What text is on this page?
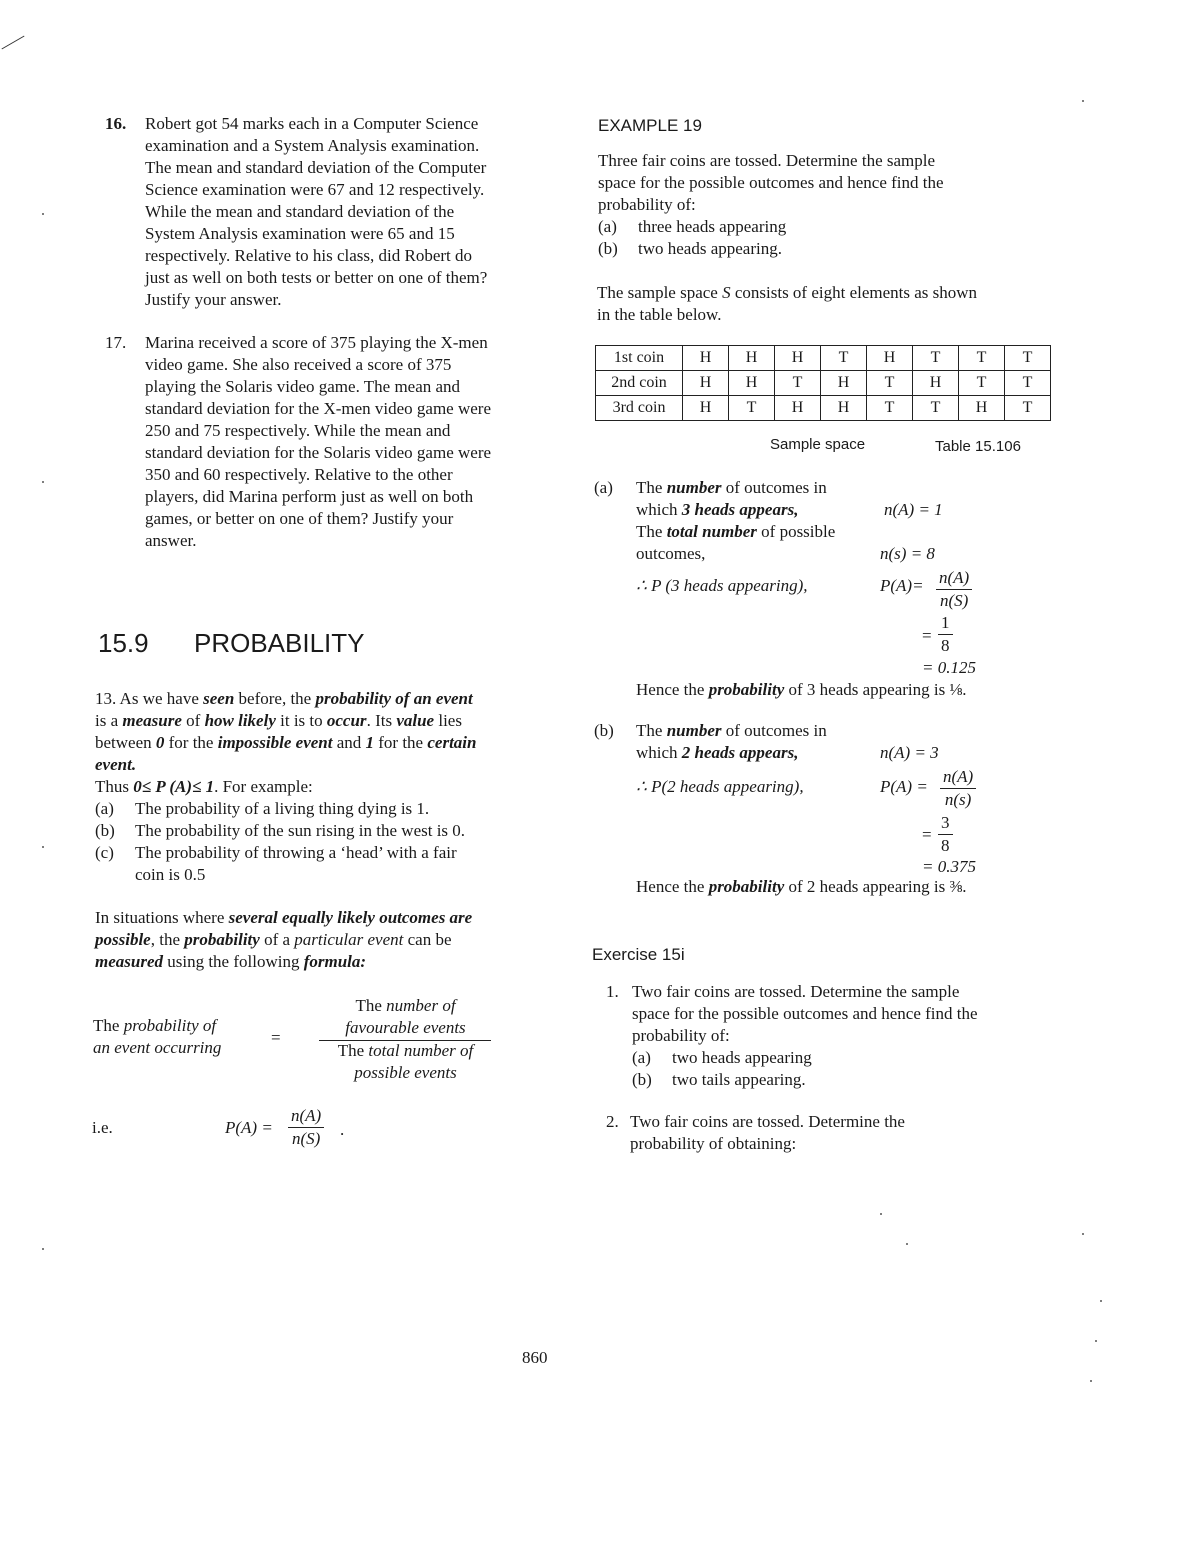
16. Robert got 54 marks each in a Computer Science
examination and a System Analysis examination.
The mean and standard deviation of the Computer
Science examination were 67 and 12 respectively.
While the mean and standard deviation of the
System Analysis examination were 65 and 15
respectively. Relative to his class, did Robert do
just as well on both tests or better on one of them?
Justify your answer.
17. Marina received a score of 375 playing the X-men
video game. She also received a score of 375
playing the Solaris video game. The mean and
standard deviation for the X-men video game were
250 and 75 respectively. While the mean and
standard deviation for the Solaris video game were
350 and 60 respectively. Relative to the other
players, did Marina perform just as well on both
games, or better on one of them? Justify your
answer.
15.9 PROBABILITY
13. As we have seen before, the probability of an event
is a measure of how likely it is to occur. Its value lies
between 0 for the impossible event and 1 for the certain
event.
Thus 0≤ P (A)≤ 1. For example:
(a) The probability of a living thing dying is 1.
(b) The probability of the sun rising in the west is 0.
(c) The probability of throwing a ‘head’ with a fair
coin is 0.5
In situations where several equally likely outcomes are
possible, the probability of a particular event can be
measured using the following formula:
The probability of
an event occurring
=
The number of
favourable events
The total number of
possible events
i.e.	$P(A) = \frac{n(A)}{n(S)}$ .
EXAMPLE 19
Three fair coins are tossed. Determine the sample
space for the possible outcomes and hence find the
probability of:
(a) three heads appearing
(b) two heads appearing.
The sample space S consists of eight elements as shown
in the table below.
1st coin	H	H	H	T	H	T	T	T
2nd coin	H	H	T	H	T	H	T	T
3rd coin	H	T	H	H	T	T	H	T
Sample space	Table 15.106
(a) The number of outcomes in
which 3 heads appears,
The total number of possible
outcomes,
n(A) = 1
n(s) = 8
∴ P (3 heads appearing),	$P(A)= \frac{n(A)}{n(S)}$
= $\frac{1}{8}$
= 0.125
Hence the probability of 3 heads appearing is ⅛.
(b) The number of outcomes in
which 2 heads appears,	n(A) = 3
∴ P(2 heads appearing),	$P(A) = \frac{n(A)}{n(s)}$
= $\frac{3}{8}$
= 0.375
Hence the probability of 2 heads appearing is ⅜.
Exercise 15i
1. Two fair coins are tossed. Determine the sample
space for the possible outcomes and hence find the
probability of:
(a) two heads appearing
(b) two tails appearing.
2. Two fair coins are tossed. Determine the
probability of obtaining:
860
